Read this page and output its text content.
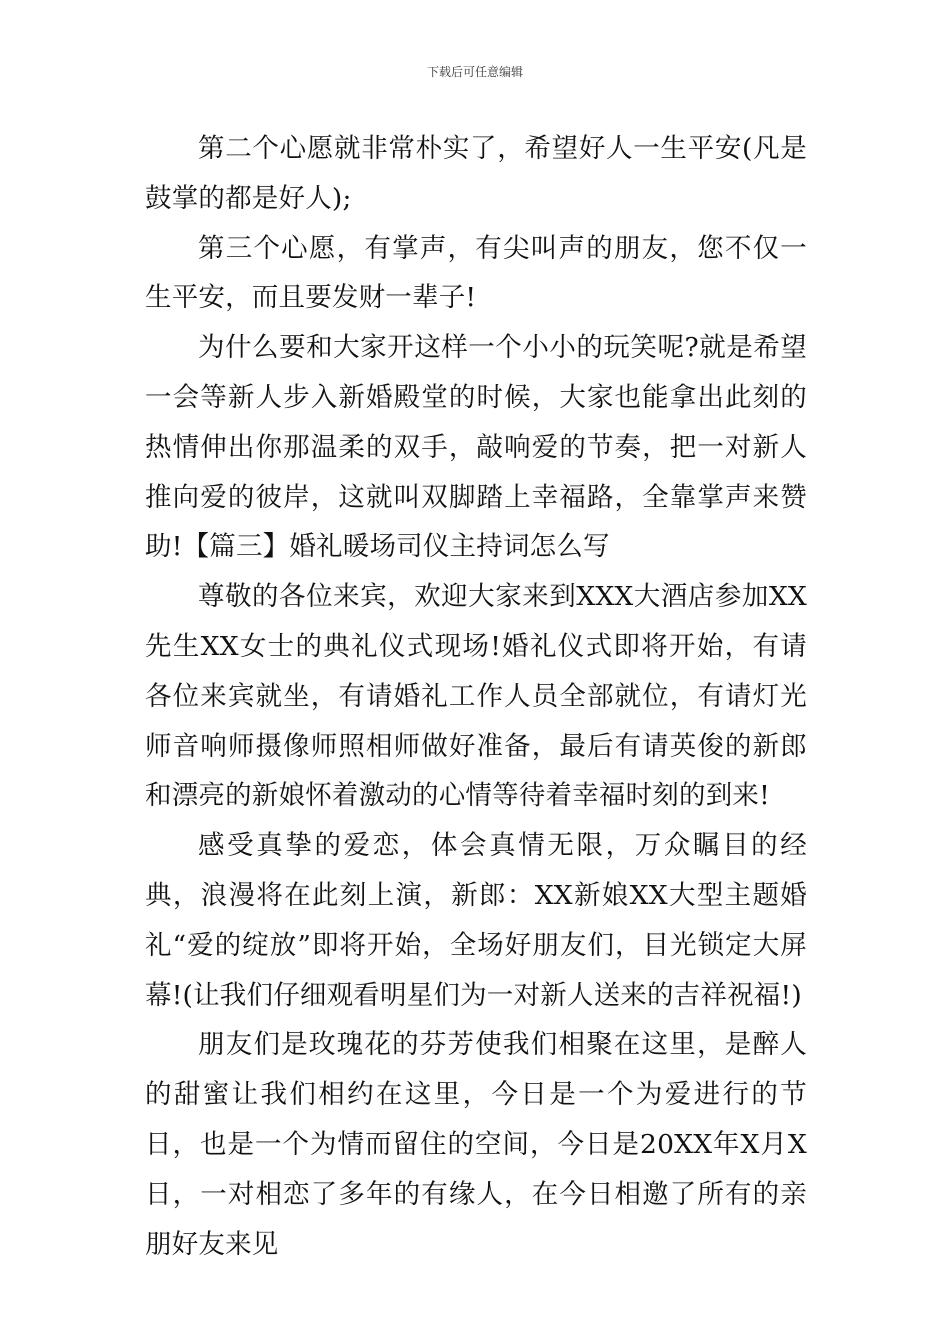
下载后可任意编辑

第二个心愿就非常朴实了，希望好人一生平安(凡是鼓掌的都是好人);

第三个心愿，有掌声，有尖叫声的朋友，您不仅一生平安，而且要发财一辈子!

为什么要和大家开这样一个小小的玩笑呢?就是希望一会等新人步入新婚殿堂的时候，大家也能拿出此刻的热情伸出你那温柔的双手，敲响爱的节奏，把一对新人推向爱的彼岸，这就叫双脚踏上幸福路，全靠掌声来赞助!【篇三】婚礼暖场司仪主持词怎么写

尊敬的各位来宾，欢迎大家来到XXX大酒店参加XX先生XX女士的典礼仪式现场!婚礼仪式即将开始，有请各位来宾就坐，有请婚礼工作人员全部就位，有请灯光师音响师摄像师照相师做好准备，最后有请英俊的新郎和漂亮的新娘怀着激动的心情等待着幸福时刻的到来!

感受真挚的爱恋，体会真情无限，万众瞩目的经典，浪漫将在此刻上演，新郎：XX新娘XX大型主题婚礼“爱的绽放”即将开始，全场好朋友们，目光锁定大屏幕!(让我们仔细观看明星们为一对新人送来的吉祥祝福!)

朋友们是玫瑰花的芬芳使我们相聚在这里，是醉人的甜蜜让我们相约在这里，今日是一个为爱进行的节日，也是一个为情而留住的空间，今日是20XX年X月X日，一对相恋了多年的有缘人，在今日相邀了所有的亲朋好友来见
